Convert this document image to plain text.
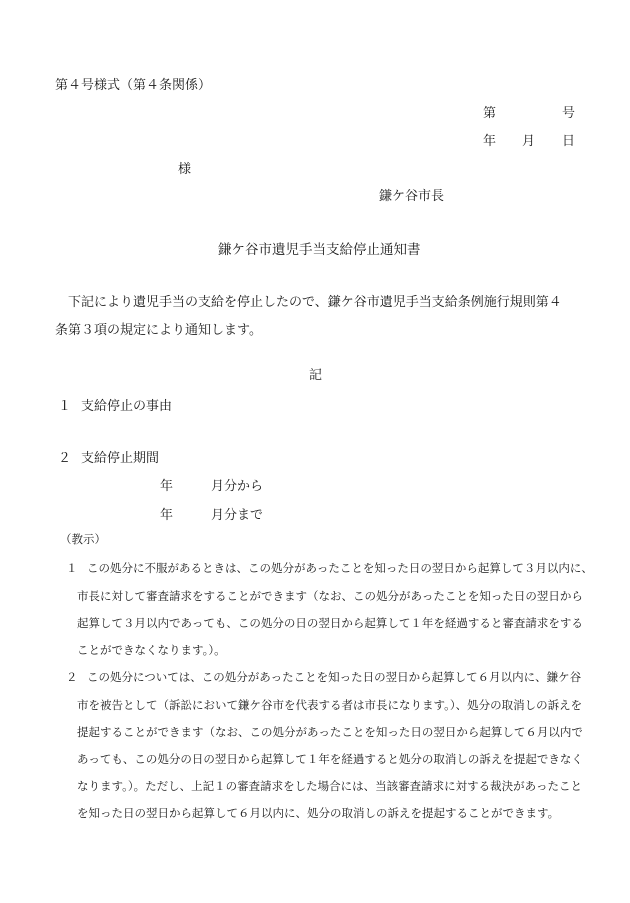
第４号様式（第４条関係）
第	号
年 月 日
様
鎌ケ谷市長
鎌ケ谷市遺児手当支給停止通知書
下記により遺児手当の支給を停止したので、鎌ケ谷市遺児手当支給条例施行規則第４
条第３項の規定により通知します。
記
１ 支給停止の事由
２ 支給停止期間
年	月分から
年	月分まで
（教示）
１ この処分に不服があるときは、この処分があったことを知った日の翌日から起算して３月以内に、
市長に対して審査請求をすることができます（なお、この処分があったことを知った日の翌日から
起算して３月以内であっても、この処分の日の翌日から起算して１年を経過すると審査請求をする
ことができなくなります。）。
２ この処分については、この処分があったことを知った日の翌日から起算して６月以内に、鎌ケ谷
市を被告として（訴訟において鎌ケ谷市を代表する者は市長になります。）、処分の取消しの訴えを
提起することができます（なお、この処分があったことを知った日の翌日から起算して６月以内で
あっても、この処分の日の翌日から起算して１年を経過すると処分の取消しの訴えを提起できなく
なります。）。ただし、上記１の審査請求をした場合には、当該審査請求に対する裁決があったこと
を知った日の翌日から起算して６月以内に、処分の取消しの訴えを提起することができます。
